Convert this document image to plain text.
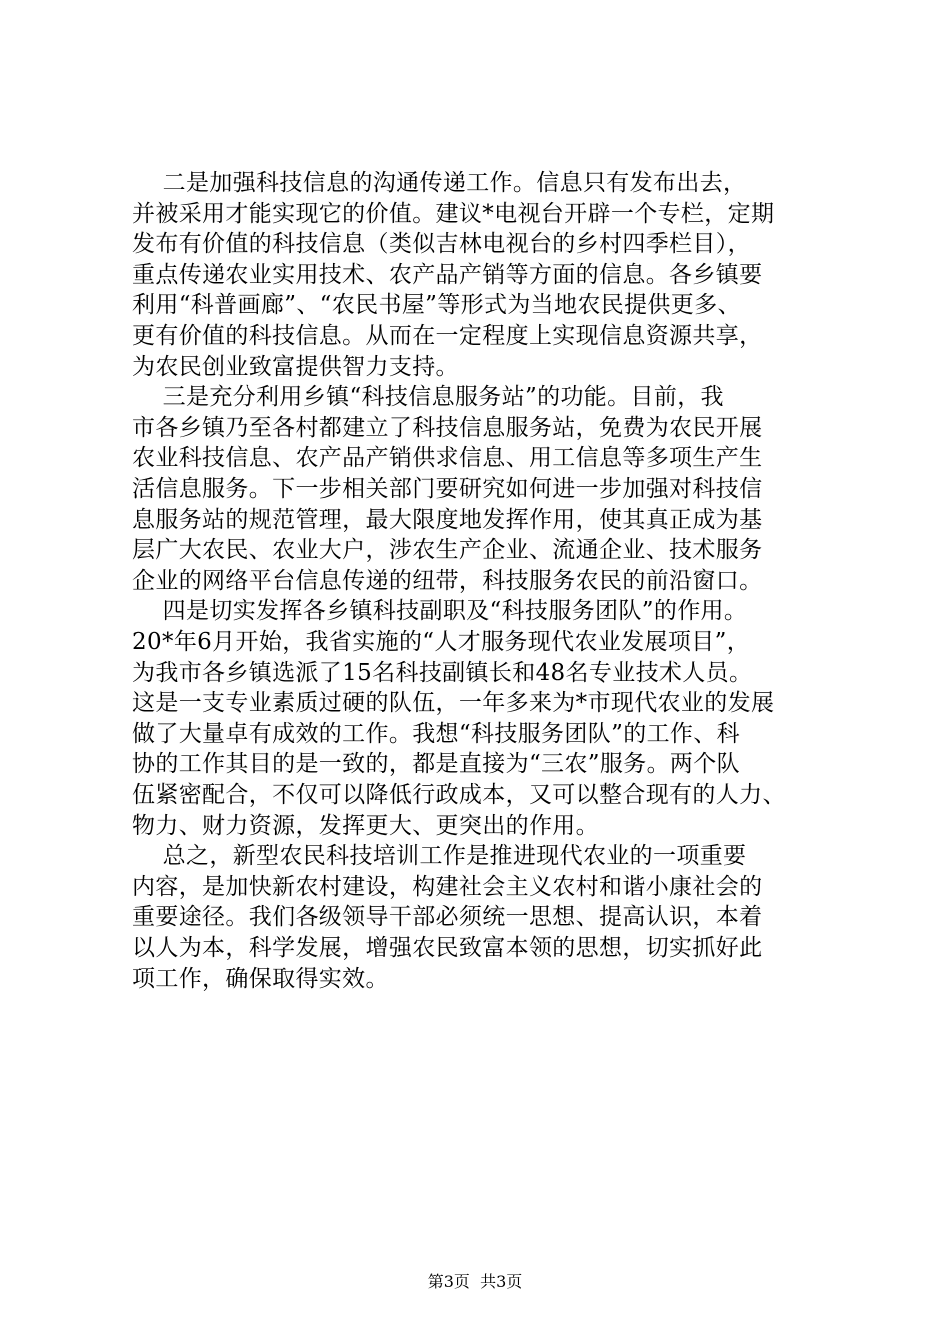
二是加强科技信息的沟通传递工作。信息只有发布出去，
并被采用才能实现它的价值。建议*电视台开辟一个专栏，定期
发布有价值的科技信息（类似吉林电视台的乡村四季栏目），
重点传递农业实用技术、农产品产销等方面的信息。各乡镇要
利用“科普画廊”、“农民书屋”等形式为当地农民提供更多、
更有价值的科技信息。从而在一定程度上实现信息资源共享，
为农民创业致富提供智力支持。
三是充分利用乡镇“科技信息服务站”的功能。目前，我
市各乡镇乃至各村都建立了科技信息服务站，免费为农民开展
农业科技信息、农产品产销供求信息、用工信息等多项生产生
活信息服务。下一步相关部门要研究如何进一步加强对科技信
息服务站的规范管理，最大限度地发挥作用，使其真正成为基
层广大农民、农业大户，涉农生产企业、流通企业、技术服务
企业的网络平台信息传递的纽带，科技服务农民的前沿窗口。
四是切实发挥各乡镇科技副职及“科技服务团队”的作用。
20*年6月开始，我省实施的“人才服务现代农业发展项目”，
为我市各乡镇选派了15名科技副镇长和48名专业技术人员。
这是一支专业素质过硬的队伍，一年多来为*市现代农业的发展
做了大量卓有成效的工作。我想“科技服务团队”的工作、科
协的工作其目的是一致的，都是直接为“三农”服务。两个队
伍紧密配合，不仅可以降低行政成本，又可以整合现有的人力、
物力、财力资源，发挥更大、更突出的作用。
总之，新型农民科技培训工作是推进现代农业的一项重要
内容，是加快新农村建设，构建社会主义农村和谐小康社会的
重要途径。我们各级领导干部必须统一思想、提高认识，本着
以人为本，科学发展，增强农民致富本领的思想，切实抓好此
项工作，确保取得实效。
第3页  共3页
